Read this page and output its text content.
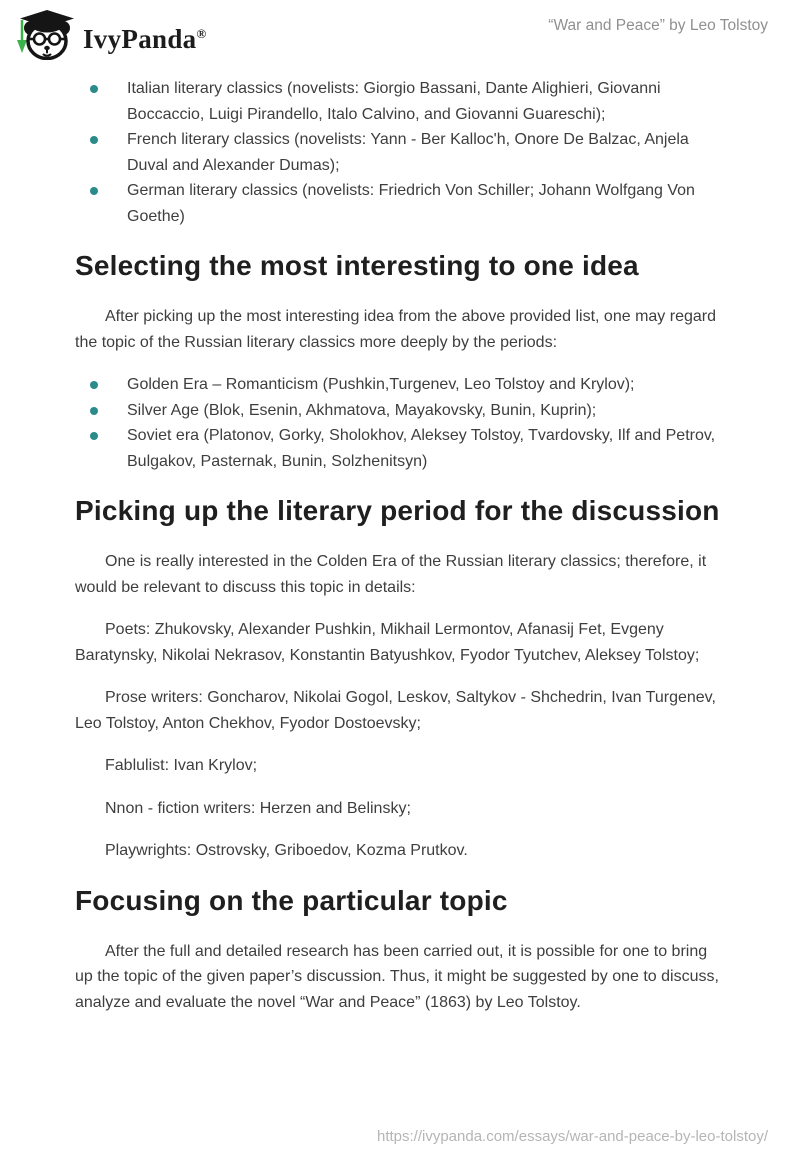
IvyPanda®	“War and Peace” by Leo Tolstoy
Italian literary classics (novelists: Giorgio Bassani, Dante Alighieri, Giovanni Boccaccio, Luigi Pirandello, Italo Calvino, and Giovanni Guareschi);
French literary classics (novelists: Yann - Ber Kalloc'h, Onore De Balzac, Anjela Duval and Alexander Dumas);
German literary classics (novelists: Friedrich Von Schiller; Johann Wolfgang Von Goethe)
Selecting the most interesting to one idea

After picking up the most interesting idea from the above provided list, one may regard the topic of the Russian literary classics more deeply by the periods:

Golden Era – Romanticism (Pushkin,Turgenev, Leo Tolstoy and Krylov);
Silver Age (Blok, Esenin, Akhmatova, Mayakovsky, Bunin, Kuprin);
Soviet era (Platonov, Gorky, Sholokhov, Aleksey Tolstoy, Tvardovsky, Ilf and Petrov, Bulgakov, Pasternak, Bunin, Solzhenitsyn)
Picking up the literary period for the discussion

One is really interested in the Colden Era of the Russian literary classics; therefore, it would be relevant to discuss this topic in details:

Poets: Zhukovsky, Alexander Pushkin, Mikhail Lermontov, Afanasij Fet, Evgeny Baratynsky, Nikolai Nekrasov, Konstantin Batyushkov, Fyodor Tyutchev, Aleksey Tolstoy;

Prose writers: Goncharov, Nikolai Gogol, Leskov, Saltykov - Shchedrin, Ivan Turgenev, Leo Tolstoy, Anton Chekhov, Fyodor Dostoevsky;

Fablulist: Ivan Krylov;

Nnon - fiction writers: Herzen and Belinsky;

Playwrights: Ostrovsky, Griboedov, Kozma Prutkov.

Focusing on the particular topic

After the full and detailed research has been carried out, it is possible for one to bring up the topic of the given paper’s discussion. Thus, it might be suggested by one to discuss, analyze and evaluate the novel “War and Peace” (1863) by Leo Tolstoy.

https://ivypanda.com/essays/war-and-peace-by-leo-tolstoy/
